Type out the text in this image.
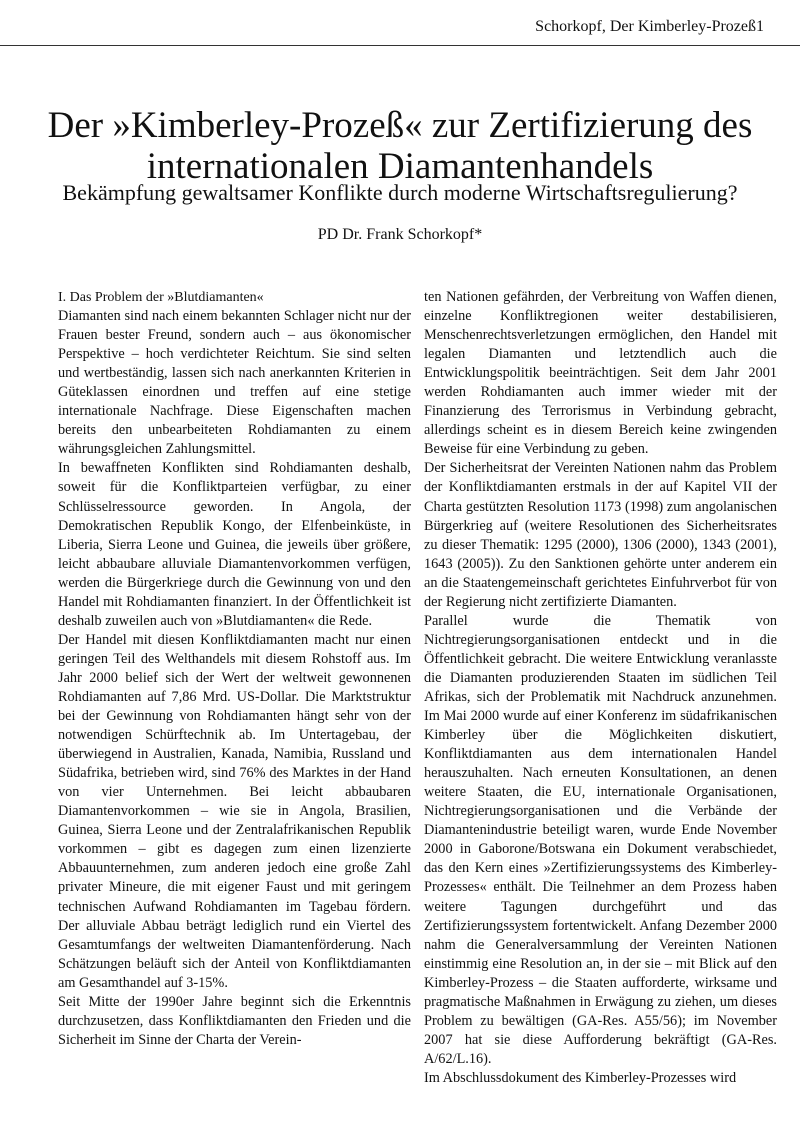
Schorkopf, Der Kimberley-Prozeß1
Der »Kimberley-Prozeß« zur Zertifizierung des
internationalen Diamantenhandels

Bekämpfung gewaltsamer Konflikte durch moderne Wirtschaftsregulierung?

PD Dr. Frank Schorkopf*

I. Das Problem der »Blutdiamanten«

Diamanten sind nach einem bekannten Schlager nicht nur der Frauen bester Freund, sondern auch – aus ökonomischer Perspektive – hoch verdichteter Reichtum. Sie sind selten und wertbeständig, lassen sich nach anerkannten Kriterien in Güteklassen einordnen und treffen auf eine stetige internationale Nachfrage. Diese Eigenschaften machen bereits den unbearbeiteten Rohdiamanten zu einem währungsgleichen Zahlungsmittel.

In bewaffneten Konflikten sind Rohdiamanten deshalb, soweit für die Konfliktparteien verfügbar, zu einer Schlüsselressource geworden. In Angola, der Demokratischen Republik Kongo, der Elfenbeinküste, in Liberia, Sierra Leone und Guinea, die jeweils über größere, leicht abbaubare alluviale Diamantenvorkommen verfügen, werden die Bürgerkriege durch die Gewinnung von und den Handel mit Rohdiamanten finanziert. In der Öffentlichkeit ist deshalb zuweilen auch von »Blutdiamanten« die Rede.

Der Handel mit diesen Konfliktdiamanten macht nur einen geringen Teil des Welthandels mit diesem Rohstoff aus. Im Jahr 2000 belief sich der Wert der weltweit gewonnenen Rohdiamanten auf 7,86 Mrd. US-Dollar. Die Marktstruktur bei der Gewinnung von Rohdiamanten hängt sehr von der notwendigen Schürftechnik ab. Im Untertagebau, der überwiegend in Australien, Kanada, Namibia, Russland und Südafrika, betrieben wird, sind 76% des Marktes in der Hand von vier Unternehmen. Bei leicht abbaubaren Diamantenvorkommen – wie sie in Angola, Brasilien, Guinea, Sierra Leone und der Zentralafrikanischen Republik vorkommen – gibt es dagegen zum einen lizenzierte Abbauunternehmen, zum anderen jedoch eine große Zahl privater Mineure, die mit eigener Faust und mit geringem technischen Aufwand Rohdiamanten im Tagebau fördern. Der alluviale Abbau beträgt lediglich rund ein Viertel des Gesamtumfangs der weltweiten Diamantenförderung. Nach Schätzungen beläuft sich der Anteil von Konfliktdiamanten am Gesamthandel auf 3-15%.

Seit Mitte der 1990er Jahre beginnt sich die Erkenntnis durchzusetzen, dass Konfliktdiamanten den Frieden und die Sicherheit im Sinne der Charta der Verein-

ten Nationen gefährden, der Verbreitung von Waffen dienen, einzelne Konfliktregionen weiter destabilisieren, Menschenrechtsverletzungen ermöglichen, den Handel mit legalen Diamanten und letztendlich auch die Entwicklungspolitik beeinträchtigen. Seit dem Jahr 2001 werden Rohdiamanten auch immer wieder mit der Finanzierung des Terrorismus in Verbindung gebracht, allerdings scheint es in diesem Bereich keine zwingenden Beweise für eine Verbindung zu geben.

Der Sicherheitsrat der Vereinten Nationen nahm das Problem der Konfliktdiamanten erstmals in der auf Kapitel VII der Charta gestützten Resolution 1173 (1998) zum angolanischen Bürgerkrieg auf (weitere Resolutionen des Sicherheitsrates zu dieser Thematik: 1295 (2000), 1306 (2000), 1343 (2001), 1643 (2005)). Zu den Sanktionen gehörte unter anderem ein an die Staatengemeinschaft gerichtetes Einfuhrverbot für von der Regierung nicht zertifizierte Diamanten.

Parallel wurde die Thematik von Nichtregierungsorganisationen entdeckt und in die Öffentlichkeit gebracht. Die weitere Entwicklung veranlasste die Diamanten produzierenden Staaten im südlichen Teil Afrikas, sich der Problematik mit Nachdruck anzunehmen. Im Mai 2000 wurde auf einer Konferenz im südafrikanischen Kimberley über die Möglichkeiten diskutiert, Konfliktdiamanten aus dem internationalen Handel herauszuhalten. Nach erneuten Konsultationen, an denen weitere Staaten, die EU, internationale Organisationen, Nichtregierungsorganisationen und die Verbände der Diamantenindustrie beteiligt waren, wurde Ende November 2000 in Gaborone/Botswana ein Dokument verabschiedet, das den Kern eines »Zertifizierungssystems des Kimberley-Prozesses« enthält. Die Teilnehmer an dem Prozess haben weitere Tagungen durchgeführt und das Zertifizierungssystem fortentwickelt. Anfang Dezember 2000 nahm die Generalversammlung der Vereinten Nationen einstimmig eine Resolution an, in der sie – mit Blick auf den Kimberley-Prozess – die Staaten aufforderte, wirksame und pragmatische Maßnahmen in Erwägung zu ziehen, um dieses Problem zu bewältigen (GA-Res. A55/56); im November 2007 hat sie diese Aufforderung bekräftigt (GA-Res. A/62/L.16).

Im Abschlussdokument des Kimberley-Prozesses wird
